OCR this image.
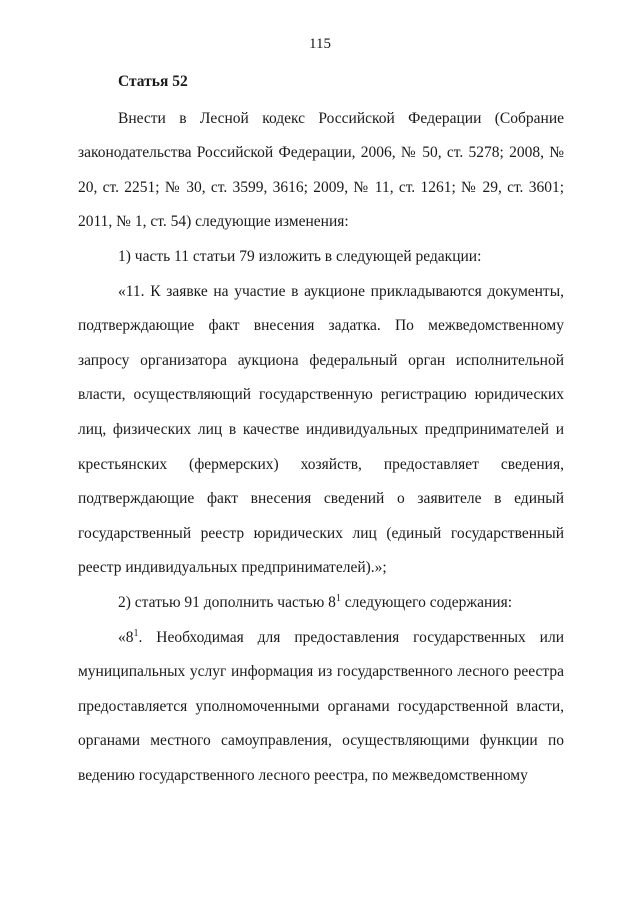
115

Статья 52

Внести в Лесной кодекс Российской Федерации (Собрание законодательства Российской Федерации, 2006, № 50, ст. 5278; 2008, № 20, ст. 2251; № 30, ст. 3599, 3616; 2009, № 11, ст. 1261; № 29, ст. 3601; 2011, № 1, ст. 54) следующие изменения:

1) часть 11 статьи 79 изложить в следующей редакции:

«11. К заявке на участие в аукционе прикладываются документы, подтверждающие факт внесения задатка. По межведомственному запросу организатора аукциона федеральный орган исполнительной власти, осуществляющий государственную регистрацию юридических лиц, физических лиц в качестве индивидуальных предпринимателей и крестьянских (фермерских) хозяйств, предоставляет сведения, подтверждающие факт внесения сведений о заявителе в единый государственный реестр юридических лиц (единый государственный реестр индивидуальных предпринимателей).»;

2) статью 91 дополнить частью $8^1$ следующего содержания:

«$8^1$. Необходимая для предоставления государственных или муниципальных услуг информация из государственного лесного реестра предоставляется уполномоченными органами государственной власти, органами местного самоуправления, осуществляющими функции по ведению государственного лесного реестра, по межведомственному
